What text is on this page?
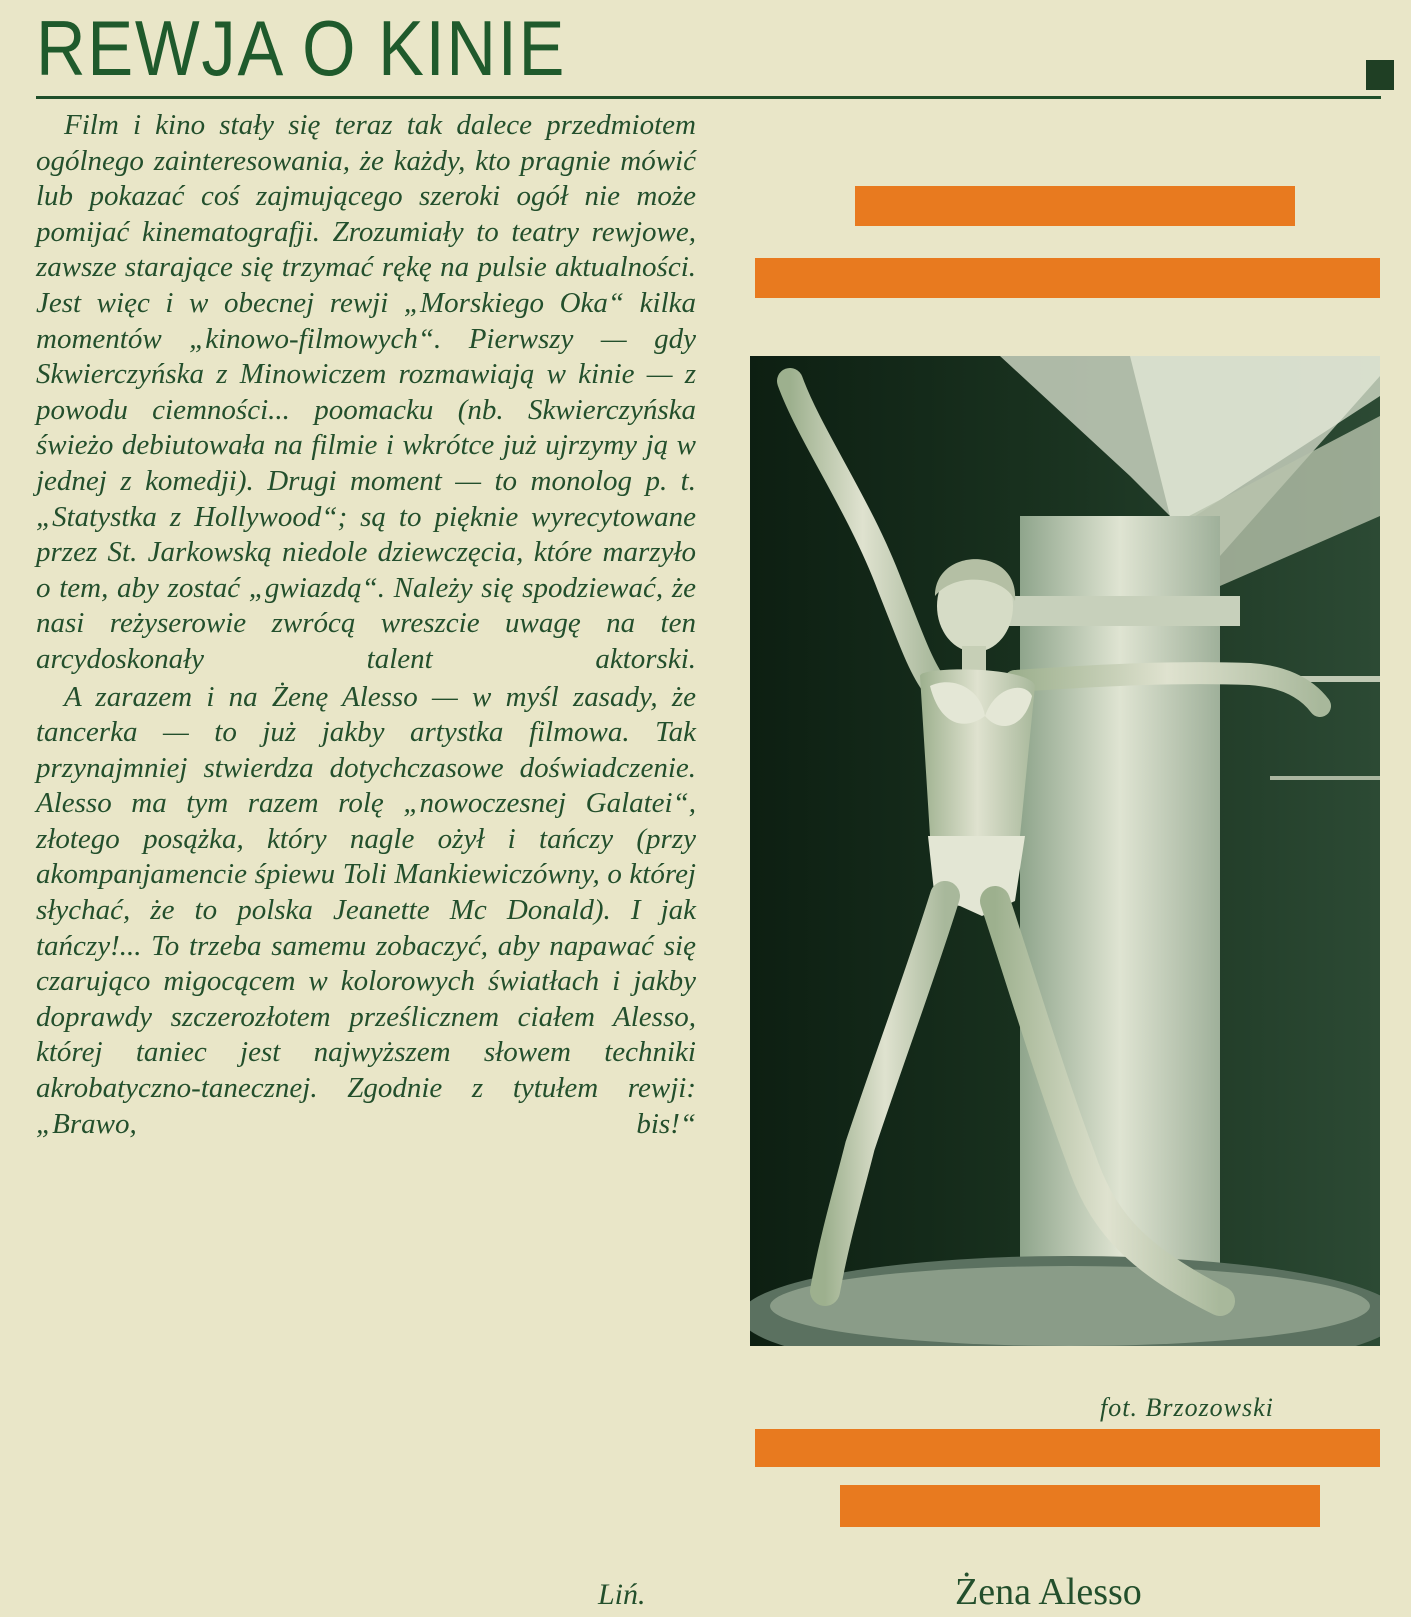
REWJA O KINIE

Film i kino stały się teraz tak dalece przedmiotem ogólnego zainteresowania, że każdy, kto pragnie mówić lub pokazać coś zajmującego szeroki ogół nie może pomijać kinematografji. Zrozumiały to teatry rewjowe, zawsze starające się trzymać rękę na pulsie aktualności. Jest więc i w obecnej rewji „Morskiego Oka“ kilka momentów „kinowo-filmowych“. Pierwszy — gdy Skwierczyńska z Minowiczem rozmawiają w kinie — z powodu ciemności... poomacku (nb. Skwierczyńska świeżo debiutowała na filmie i wkrótce już ujrzymy ją w jednej z komedji). Drugi moment — to monolog p. t. „Statystka z Hollywood“; są to pięknie wyrecytowane przez St. Jarkowską niedole dziewczęcia, które marzyło o tem, aby zostać „gwiazdą“. Należy się spodziewać, że nasi reżyserowie zwrócą wreszcie uwagę na ten arcydoskonały talent aktorski.

A zarazem i na Żenę Alesso — w myśl zasady, że tancerka — to już jakby artystka filmowa. Tak przynajmniej stwierdza dotychczasowe doświadczenie. Alesso ma tym razem rolę „nowoczesnej Galatei“, złotego posążka, który nagle ożył i tańczy (przy akompanjamencie śpiewu Toli Mankiewiczówny, o której słychać, że to polska Jeanette Mc Donald). I jak tańczy!... To trzeba samemu zobaczyć, aby napawać się czarująco migocącem w kolorowych światłach i jakby doprawdy szczerozłotem prześlicznem ciałem Alesso, której taniec jest najwyższem słowem techniki akrobatyczno-tanecznej. Zgodnie z tytułem rewji: „Brawo, bis!“

Liń.
fot. Brzozowski
Żena Alesso
